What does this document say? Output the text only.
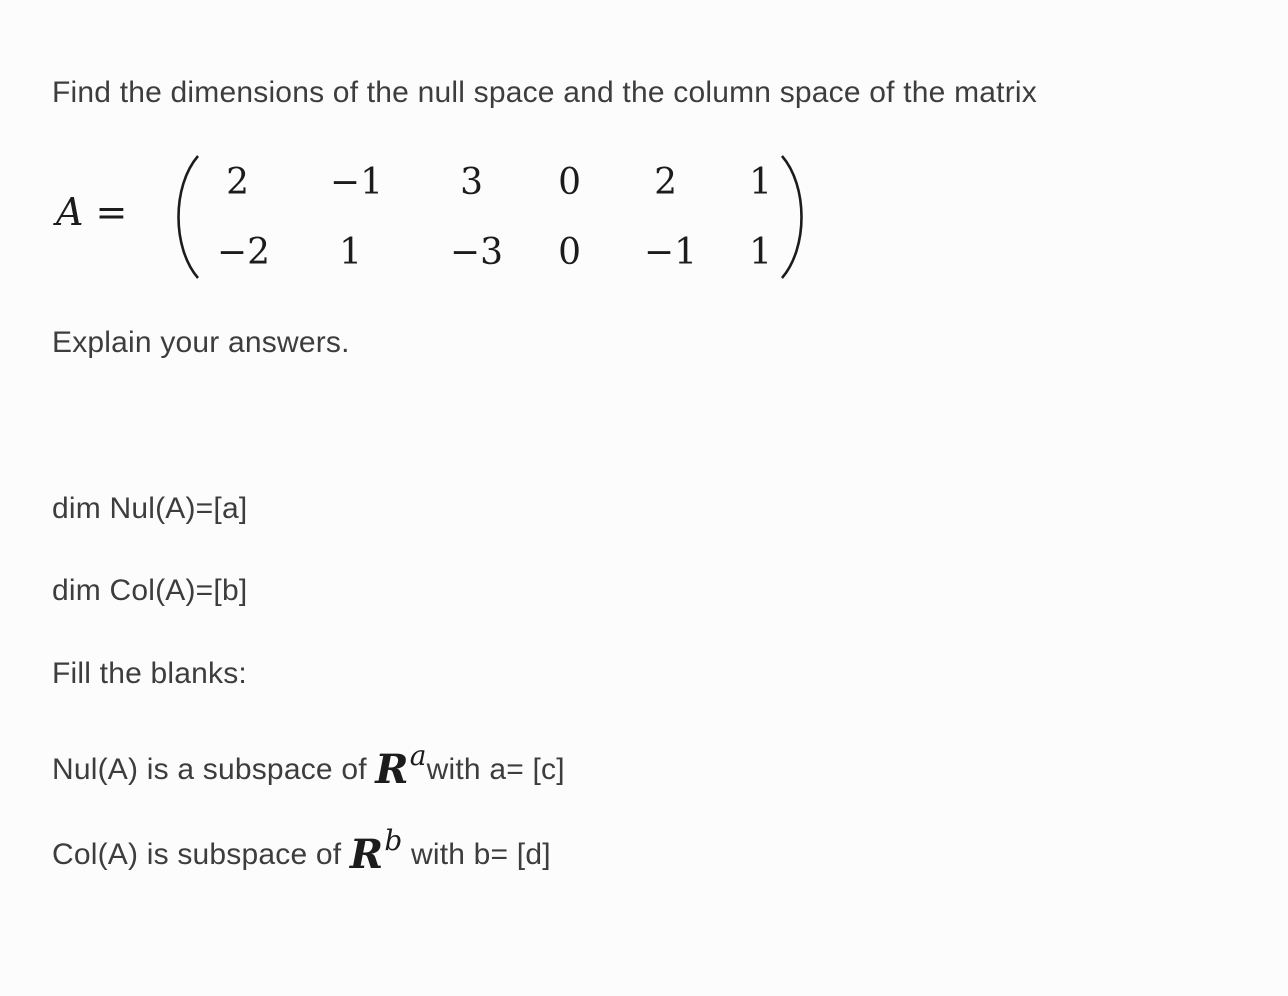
Find the dimensions of the null space and the column space of the matrix
A =
2 −1 3 0 2 1
−2 1 −3 0 −1 1
Explain your answers.
dim Nul(A)=[a]
dim Col(A)=[b]
Fill the blanks:
Nul(A) is a subspace of Rawith a= [c]
Col(A) is subspace of Rb with b= [d]
